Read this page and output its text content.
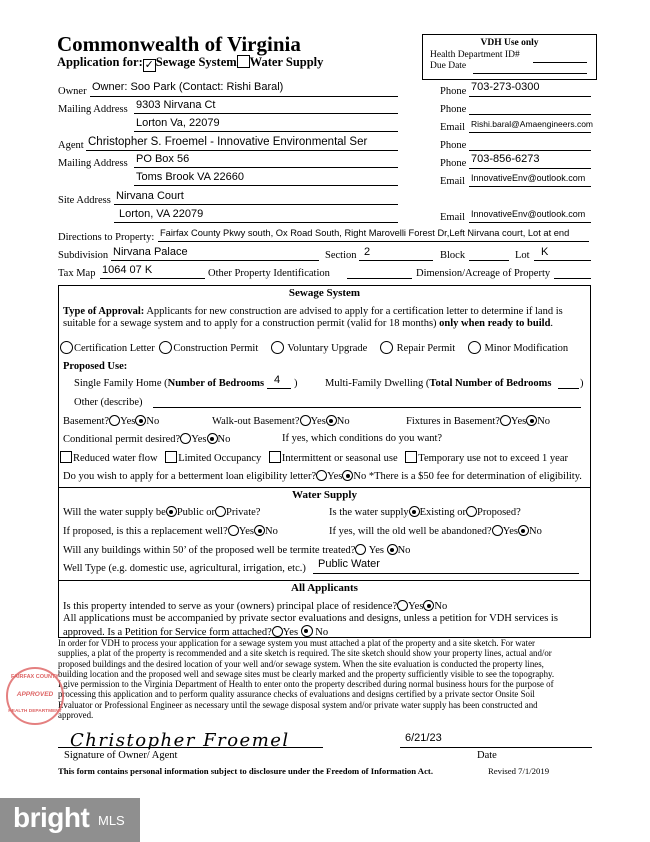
Commonwealth of Virginia
Application for: ✓ Sewage System Water Supply
VDH Use only
Health Department ID#
Due Date
Owner Owner: Soo Park (Contact: Rishi Baral)	Phone 703-273-0300
Mailing Address 9303 Nirvana Ct	Phone
Lorton Va, 22079	Email Rishi.baral@Amaengineers.com
Agent Christopher S. Froemel - Innovative Environmental Ser	Phone
Mailing Address PO Box 56	Phone 703-856-6273
Toms Brook VA 22660	Email InnovativeEnv@outlook.com
Site Address Nirvana Court
Lorton, VA 22079	Email InnovativeEnv@outlook.com
Directions to Property: Fairfax County Pkwy south, Ox Road South, Right Marovelli Forest Dr,Left Nirvana court, Lot at end
Subdivision Nirvana Palace	Section 2	Block	Lot K
Tax Map 1064 07 K	Other Property Identification	Dimension/Acreage of Property
Sewage System
Type of Approval: Applicants for new construction are advised to apply for a certification letter to determine if land is suitable for a sewage system and to apply for a construction permit (valid for 18 months) only when ready to build.
Certification Letter Construction Permit	Voluntary Upgrade	Repair Permit	Minor Modification
Proposed Use:
Single Family Home (Number of Bedrooms 4 )	Multi-Family Dwelling (Total Number of Bedrooms	)
Other (describe)
Basement? Yes No	Walk-out Basement? Yes No	Fixtures in Basement? Yes No
Conditional permit desired? Yes No	If yes, which conditions do you want?
Reduced water flow Limited Occupancy Intermittent or seasonal use Temporary use not to exceed 1 year
Do you wish to apply for a betterment loan eligibility letter? Yes No *There is a $50 fee for determination of eligibility.
Water Supply
Will the water supply be Public or Private?	Is the water supply Existing or Proposed?
If proposed, is this a replacement well? Yes No	If yes, will the old well be abandoned? Yes No
Will any buildings within 50’ of the proposed well be termite treated? Yes No
Well Type (e.g. domestic use, agricultural, irrigation, etc.) Public Water
All Applicants
Is this property intended to serve as your (owners) principal place of residence? Yes No
All applications must be accompanied by private sector evaluations and designs, unless a petition for VDH services is
approved. Is a Petition for Service form attached? Yes No
In order for VDH to process your application for a sewage system you must attached a plat of the property and a site sketch. For water
supplies, a plat of the property is recommended and a site sketch is required. The site sketch should show your property lines, actual and/or
proposed buildings and the desired location of your well and/or sewage system. When the site evaluation is conducted the property lines,
building location and the proposed well and sewage sites must be clearly marked and the property sufficiently visible to see the topography.
I give permission to the Virginia Department of Health to enter onto the property described during normal business hours for the purpose of
processing this application and to perform quality assurance checks of evaluations and designs certified by a private sector Onsite Soil
Evaluator or Professional Engineer as necessary until the sewage disposal system and/or private water supply has been constructed and
approved.
FAIRFAX COUNTY
APPROVED
HEALTH DEPARTMENT
Christopher Froemel
Signature of Owner/ Agent
6/21/23
Date
This form contains personal information subject to disclosure under the Freedom of Information Act.	Revised 7/1/2019
bright MLS
